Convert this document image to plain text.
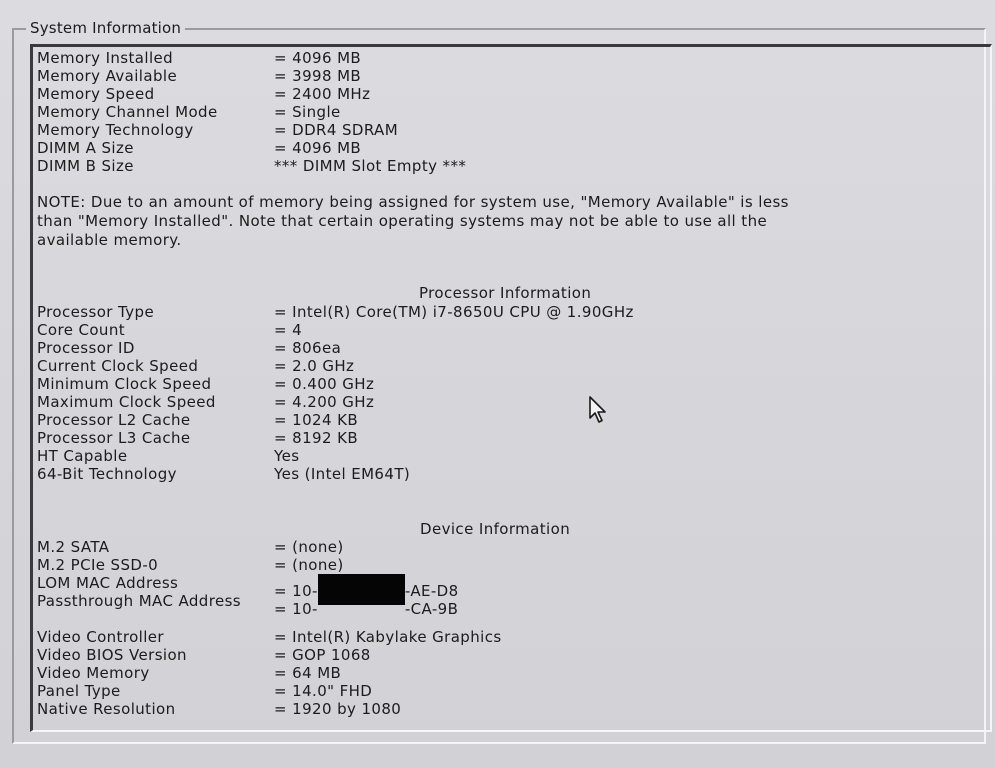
System Information
Memory Installed	= 4096 MB
Memory Available	= 3998 MB
Memory Speed	= 2400 MHz
Memory Channel Mode	= Single
Memory Technology	= DDR4 SDRAM
DIMM A Size	= 4096 MB
DIMM B Size	*** DIMM Slot Empty ***
NOTE: Due to an amount of memory being assigned for system use, "Memory Available" is less
than "Memory Installed". Note that certain operating systems may not be able to use all the
available memory.
Processor Information
Processor Type	= Intel(R) Core(TM) i7-8650U CPU @ 1.90GHz
Core Count	= 4
Processor ID	= 806ea
Current Clock Speed	= 2.0 GHz
Minimum Clock Speed	= 0.400 GHz
Maximum Clock Speed	= 4.200 GHz
Processor L2 Cache	= 1024 KB
Processor L3 Cache	= 8192 KB
HT Capable	Yes
64-Bit Technology	Yes (Intel EM64T)
Device Information
M.2 SATA	= (none)
M.2 PCIe SSD-0	= (none)
LOM MAC Address	= 10-	-AE-D8
Passthrough MAC Address = 10-	-CA-9B
Video Controller	= Intel(R) Kabylake Graphics
Video BIOS Version	= GOP 1068
Video Memory	= 64 MB
Panel Type	= 14.0" FHD
Native Resolution	= 1920 by 1080
